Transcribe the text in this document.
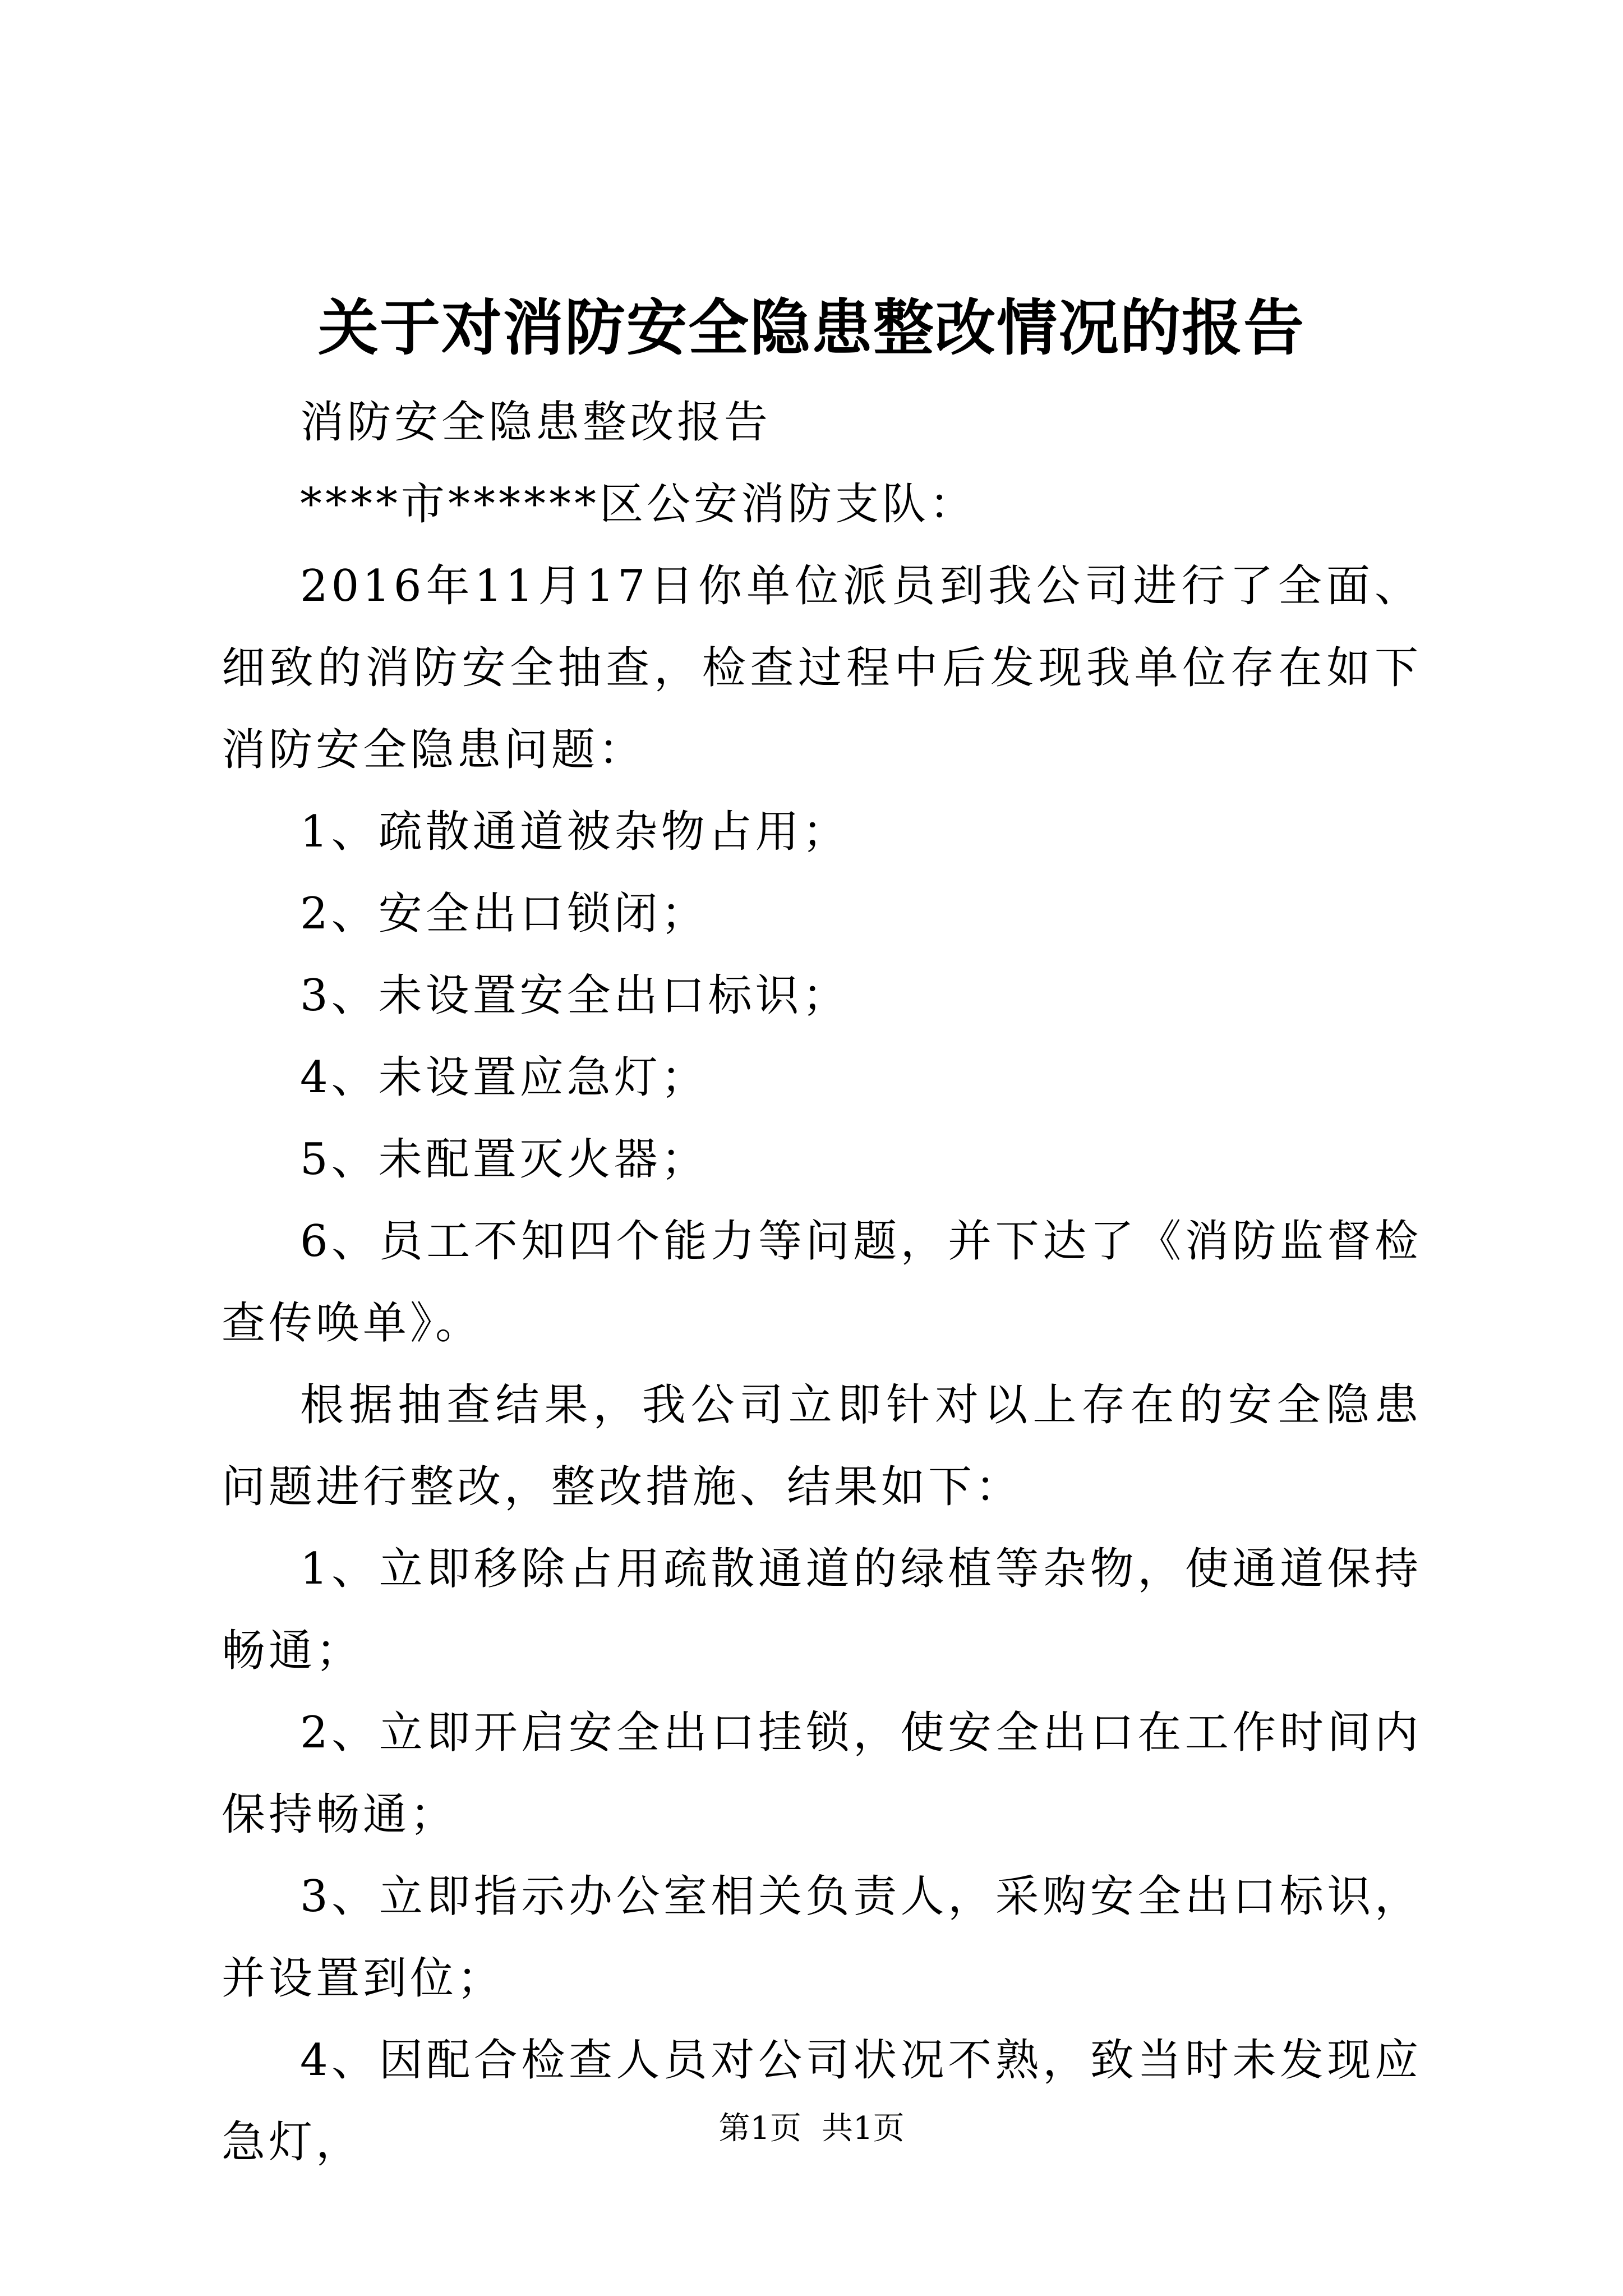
关于对消防安全隐患整改情况的报告

消防安全隐患整改报告

****市******区公安消防支队：

2016年11月17日你单位派员到我公司进行了全面、细致的消防安全抽查，检查过程中后发现我单位存在如下消防安全隐患问题：

1、疏散通道被杂物占用；

2、安全出口锁闭；

3、未设置安全出口标识；

4、未设置应急灯；

5、未配置灭火器；

6、员工不知四个能力等问题，并下达了《消防监督检查传唤单》。

根据抽查结果，我公司立即针对以上存在的安全隐患问题进行整改，整改措施、结果如下：

1、立即移除占用疏散通道的绿植等杂物，使通道保持畅通；

2、立即开启安全出口挂锁，使安全出口在工作时间内保持畅通；

3、立即指示办公室相关负责人，采购安全出口标识，并设置到位；

4、因配合检查人员对公司状况不熟，致当时未发现应急灯，	第1页 共1页
